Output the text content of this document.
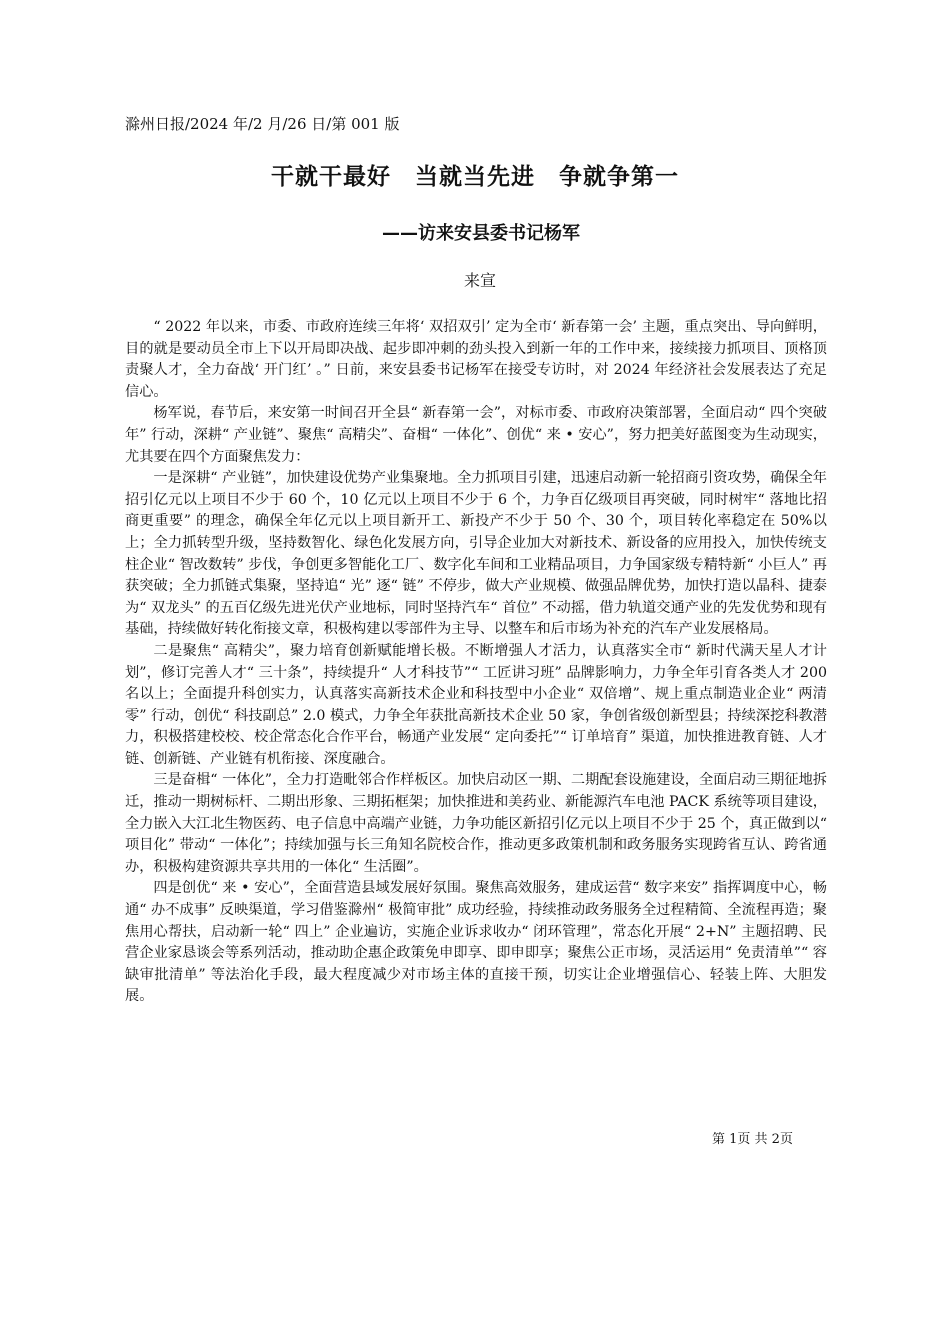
滁州日报/2024 年/2 月/26 日/第 001 版
干就干最好　当就当先进　争就争第一
——访来安县委书记杨军
来宣

“ 2022 年以来，市委、市政府连续三年将‘ 双招双引’ 定为全市‘ 新春第一会’ 主题，重点突出、导向鲜明，目的就是要动员全市上下以开局即决战、起步即冲刺的劲头投入到新一年的工作中来，接续接力抓项目、顶格顶责聚人才，全力奋战‘ 开门红’ 。” 日前，来安县委书记杨军在接受专访时，对 2024 年经济社会发展表达了充足信心。

杨军说，春节后，来安第一时间召开全县“ 新春第一会”，对标市委、市政府决策部署，全面启动“ 四个突破年” 行动，深耕“ 产业链”、聚焦“ 高精尖”、奋楫“ 一体化”、创优“ 来 • 安心”，努力把美好蓝图变为生动现实，尤其要在四个方面聚焦发力：

一是深耕“ 产业链”，加快建设优势产业集聚地。全力抓项目引建，迅速启动新一轮招商引资攻势，确保全年招引亿元以上项目不少于 60 个，10 亿元以上项目不少于 6 个，力争百亿级项目再突破，同时树牢“ 落地比招商更重要” 的理念，确保全年亿元以上项目新开工、新投产不少于 50 个、30 个，项目转化率稳定在 50%以上；全力抓转型升级，坚持数智化、绿色化发展方向，引导企业加大对新技术、新设备的应用投入，加快传统支柱企业“ 智改数转” 步伐，争创更多智能化工厂、数字化车间和工业精品项目，力争国家级专精特新“ 小巨人” 再获突破；全力抓链式集聚，坚持追“ 光” 逐“ 链” 不停步，做大产业规模、做强品牌优势，加快打造以晶科、捷泰为“ 双龙头” 的五百亿级先进光伏产业地标，同时坚持汽车“ 首位” 不动摇，借力轨道交通产业的先发优势和现有基础，持续做好转化衔接文章，积极构建以零部件为主导、以整车和后市场为补充的汽车产业发展格局。

二是聚焦“ 高精尖”，聚力培育创新赋能增长极。不断增强人才活力，认真落实全市“ 新时代满天星人才计划”，修订完善人才“ 三十条”，持续提升“ 人才科技节”“ 工匠讲习班” 品牌影响力，力争全年引育各类人才 200 名以上；全面提升科创实力，认真落实高新技术企业和科技型中小企业“ 双倍增”、规上重点制造业企业“ 两清零” 行动，创优“ 科技副总” 2.0 模式，力争全年获批高新技术企业 50 家，争创省级创新型县；持续深挖科教潜力，积极搭建校校、校企常态化合作平台，畅通产业发展“ 定向委托”“ 订单培育” 渠道，加快推进教育链、人才链、创新链、产业链有机衔接、深度融合。

三是奋楫“ 一体化”，全力打造毗邻合作样板区。加快启动区一期、二期配套设施建设，全面启动三期征地拆迁，推动一期树标杆、二期出形象、三期拓框架；加快推进和美药业、新能源汽车电池 PACK 系统等项目建设，全力嵌入大江北生物医药、电子信息中高端产业链，力争功能区新招引亿元以上项目不少于 25 个，真正做到以“ 项目化” 带动“ 一体化”；持续加强与长三角知名院校合作，推动更多政策机制和政务服务实现跨省互认、跨省通办，积极构建资源共享共用的一体化“ 生活圈”。

四是创优“ 来 • 安心”，全面营造县域发展好氛围。聚焦高效服务，建成运营“ 数字来安” 指挥调度中心，畅通“ 办不成事” 反映渠道，学习借鉴滁州“ 极简审批” 成功经验，持续推动政务服务全过程精简、全流程再造；聚焦用心帮扶，启动新一轮“ 四上” 企业遍访，实施企业诉求收办“ 闭环管理”，常态化开展“ 2+N” 主题招聘、民营企业家恳谈会等系列活动，推动助企惠企政策免申即享、即申即享；聚焦公正市场，灵活运用“ 免责清单”“ 容缺审批清单” 等法治化手段，最大程度减少对市场主体的直接干预，切实让企业增强信心、轻装上阵、大胆发展。

第 1页 共 2页
